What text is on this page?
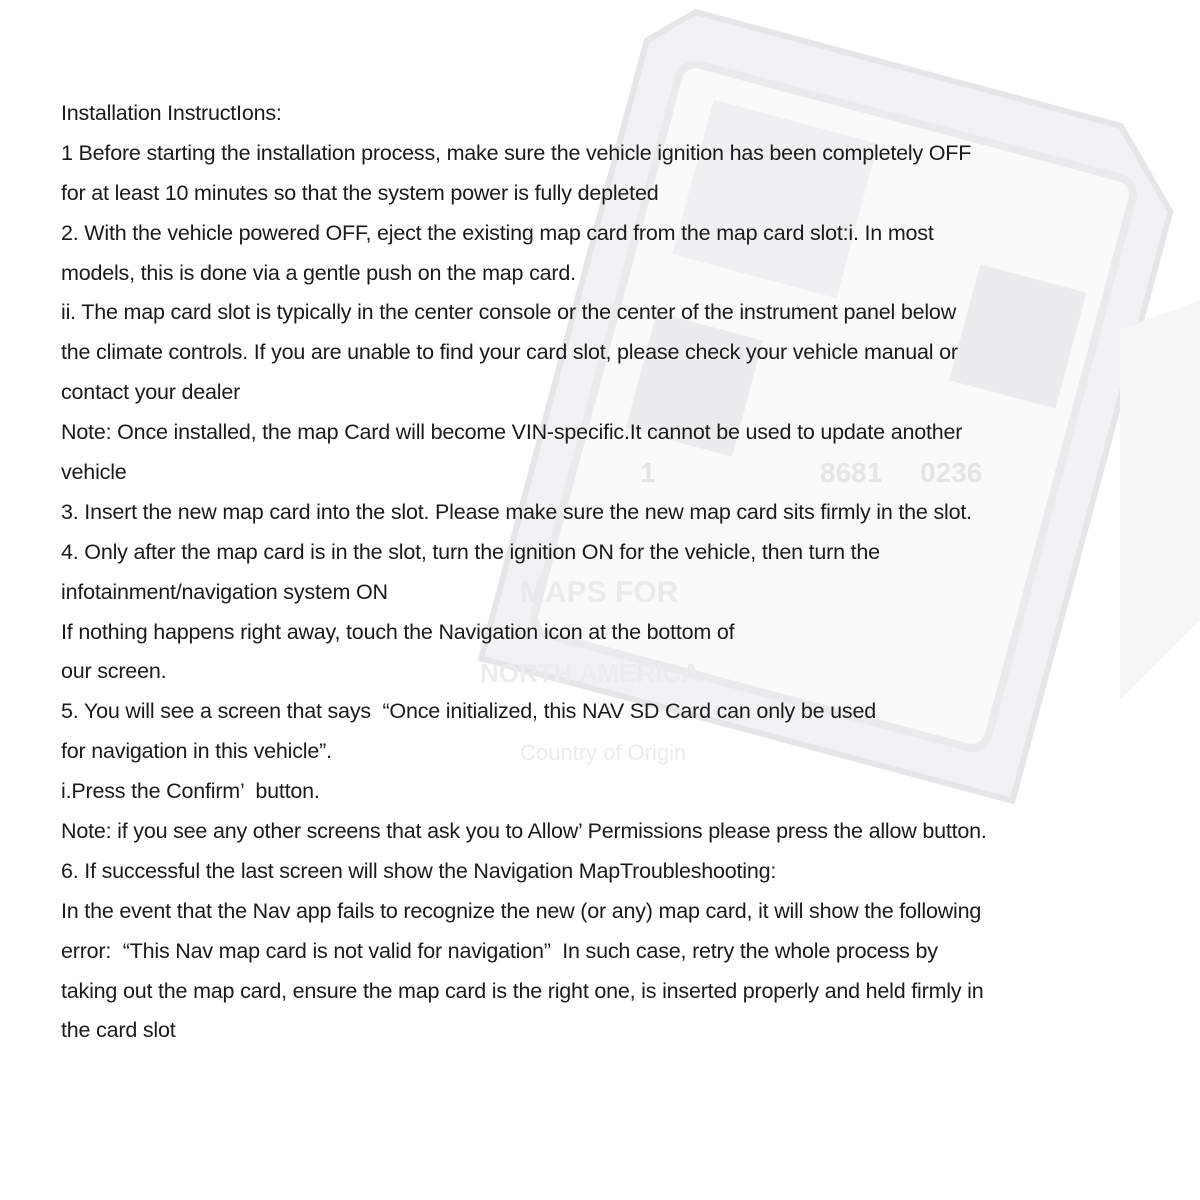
1	8681 0236
MAPS FOR
NORTH AMERICA
Country of Origin
Installation InstructIons:
1 Before starting the installation process, make sure the vehicle ignition has been completely OFF
for at least 10 minutes so that the system power is fully depleted
2. With the vehicle powered OFF, eject the existing map card from the map card slot:i. In most
models, this is done via a gentle push on the map card.
ii. The map card slot is typically in the center console or the center of the instrument panel below
the climate controls. If you are unable to find your card slot, please check your vehicle manual or
contact your dealer
Note: Once installed, the map Card will become VIN-specific.It cannot be used to update another
vehicle
3. Insert the new map card into the slot. Please make sure the new map card sits firmly in the slot.
4. Only after the map card is in the slot, turn the ignition ON for the vehicle, then turn the
infotainment/navigation system ON
If nothing happens right away, touch the Navigation icon at the bottom of
our screen.
5. You will see a screen that says  “Once initialized, this NAV SD Card can only be used
for navigation in this vehicle”.
i.Press the Confirm’  button.
Note: if you see any other screens that ask you to Allow’ Permissions please press the allow button.
6. If successful the last screen will show the Navigation MapTroubleshooting:
In the event that the Nav app fails to recognize the new (or any) map card, it will show the following
error:  “This Nav map card is not valid for navigation”  In such case, retry the whole process by
taking out the map card, ensure the map card is the right one, is inserted properly and held firmly in
the card slot
